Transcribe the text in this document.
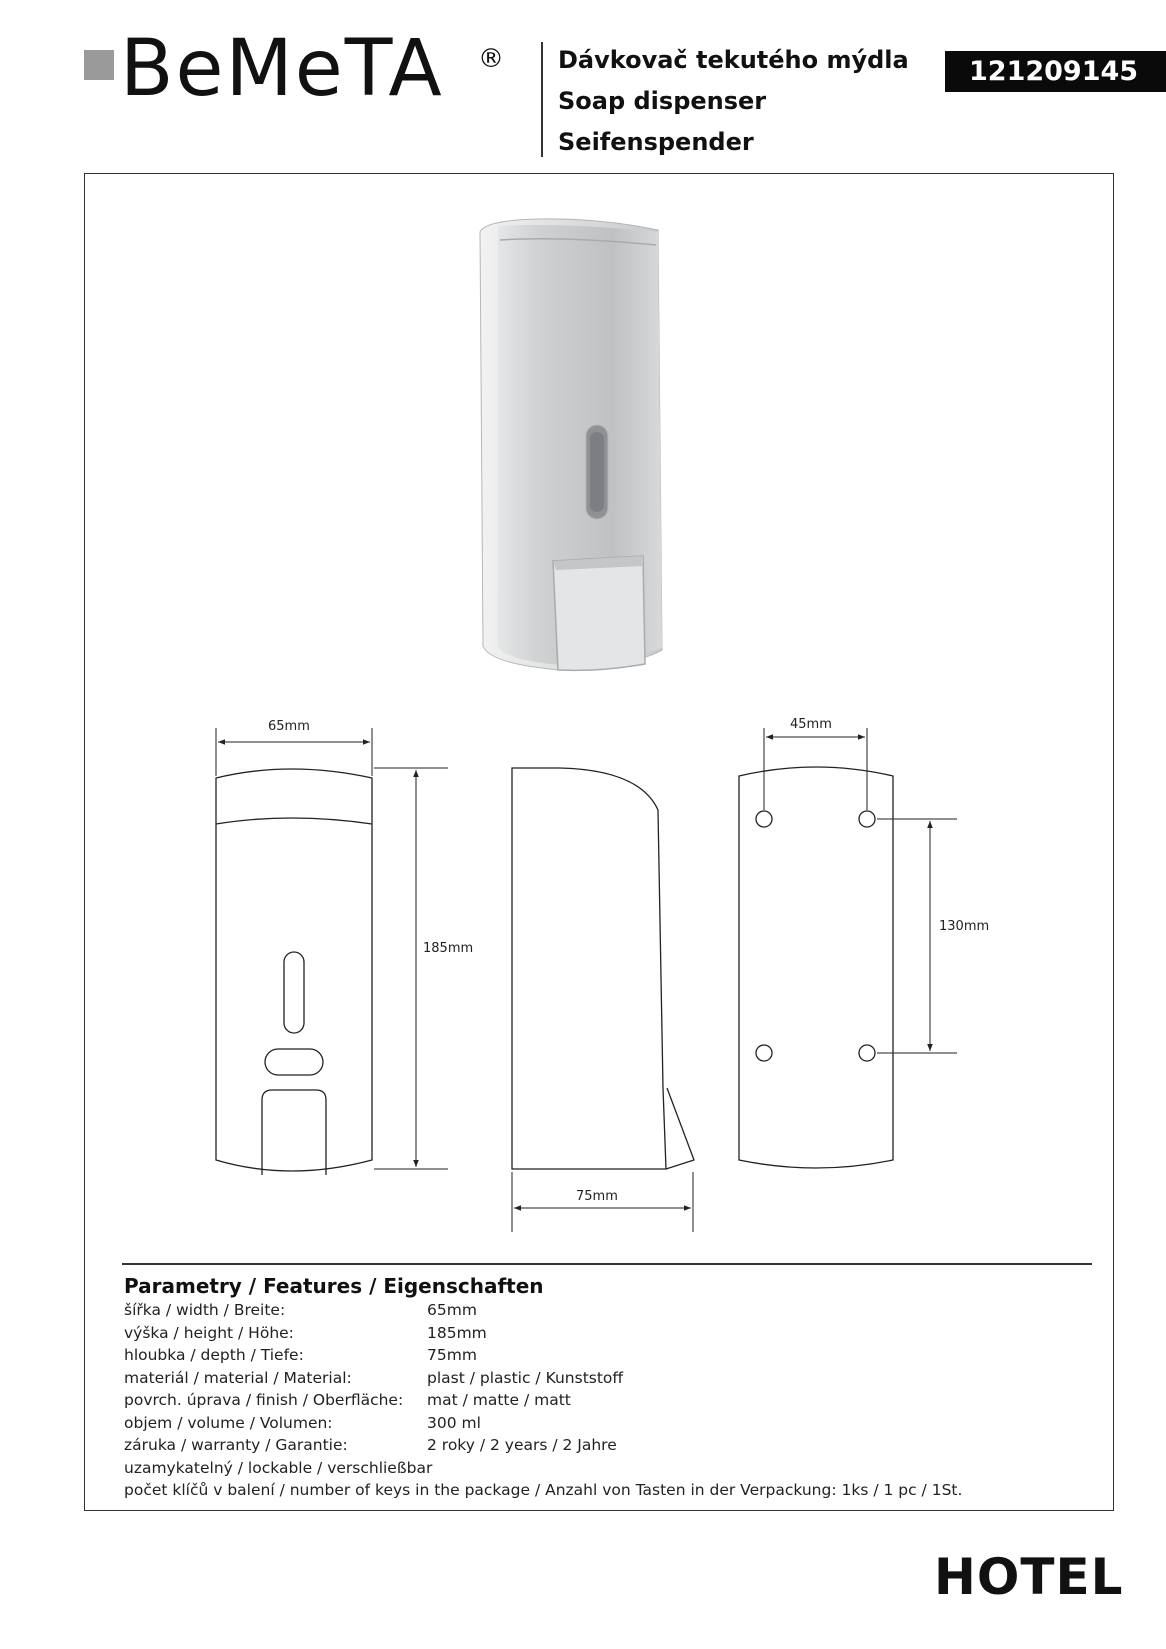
BeMeTA ® Dávkovač tekutého mýdla
Soap dispenser
Seifenspender
121209145
65mm
185mm
75mm
45mm
130mm
Parametry / Features / Eigenschaften
šířka / width / Breite:	65mm
výška / height / Höhe:	185mm
hloubka / depth / Tiefe:	75mm
materiál / material / Material:	plast / plastic / Kunststoff
povrch. úprava / finish / Oberfläche: mat / matte / matt
objem / volume / Volumen:	300 ml
záruka / warranty / Garantie:	2 roky / 2 years / 2 Jahre
uzamykatelný / lockable / verschließbar
počet klíčů v balení / number of keys in the package / Anzahl von Tasten in der Verpackung: 1ks / 1 pc / 1St.
HOTEL
